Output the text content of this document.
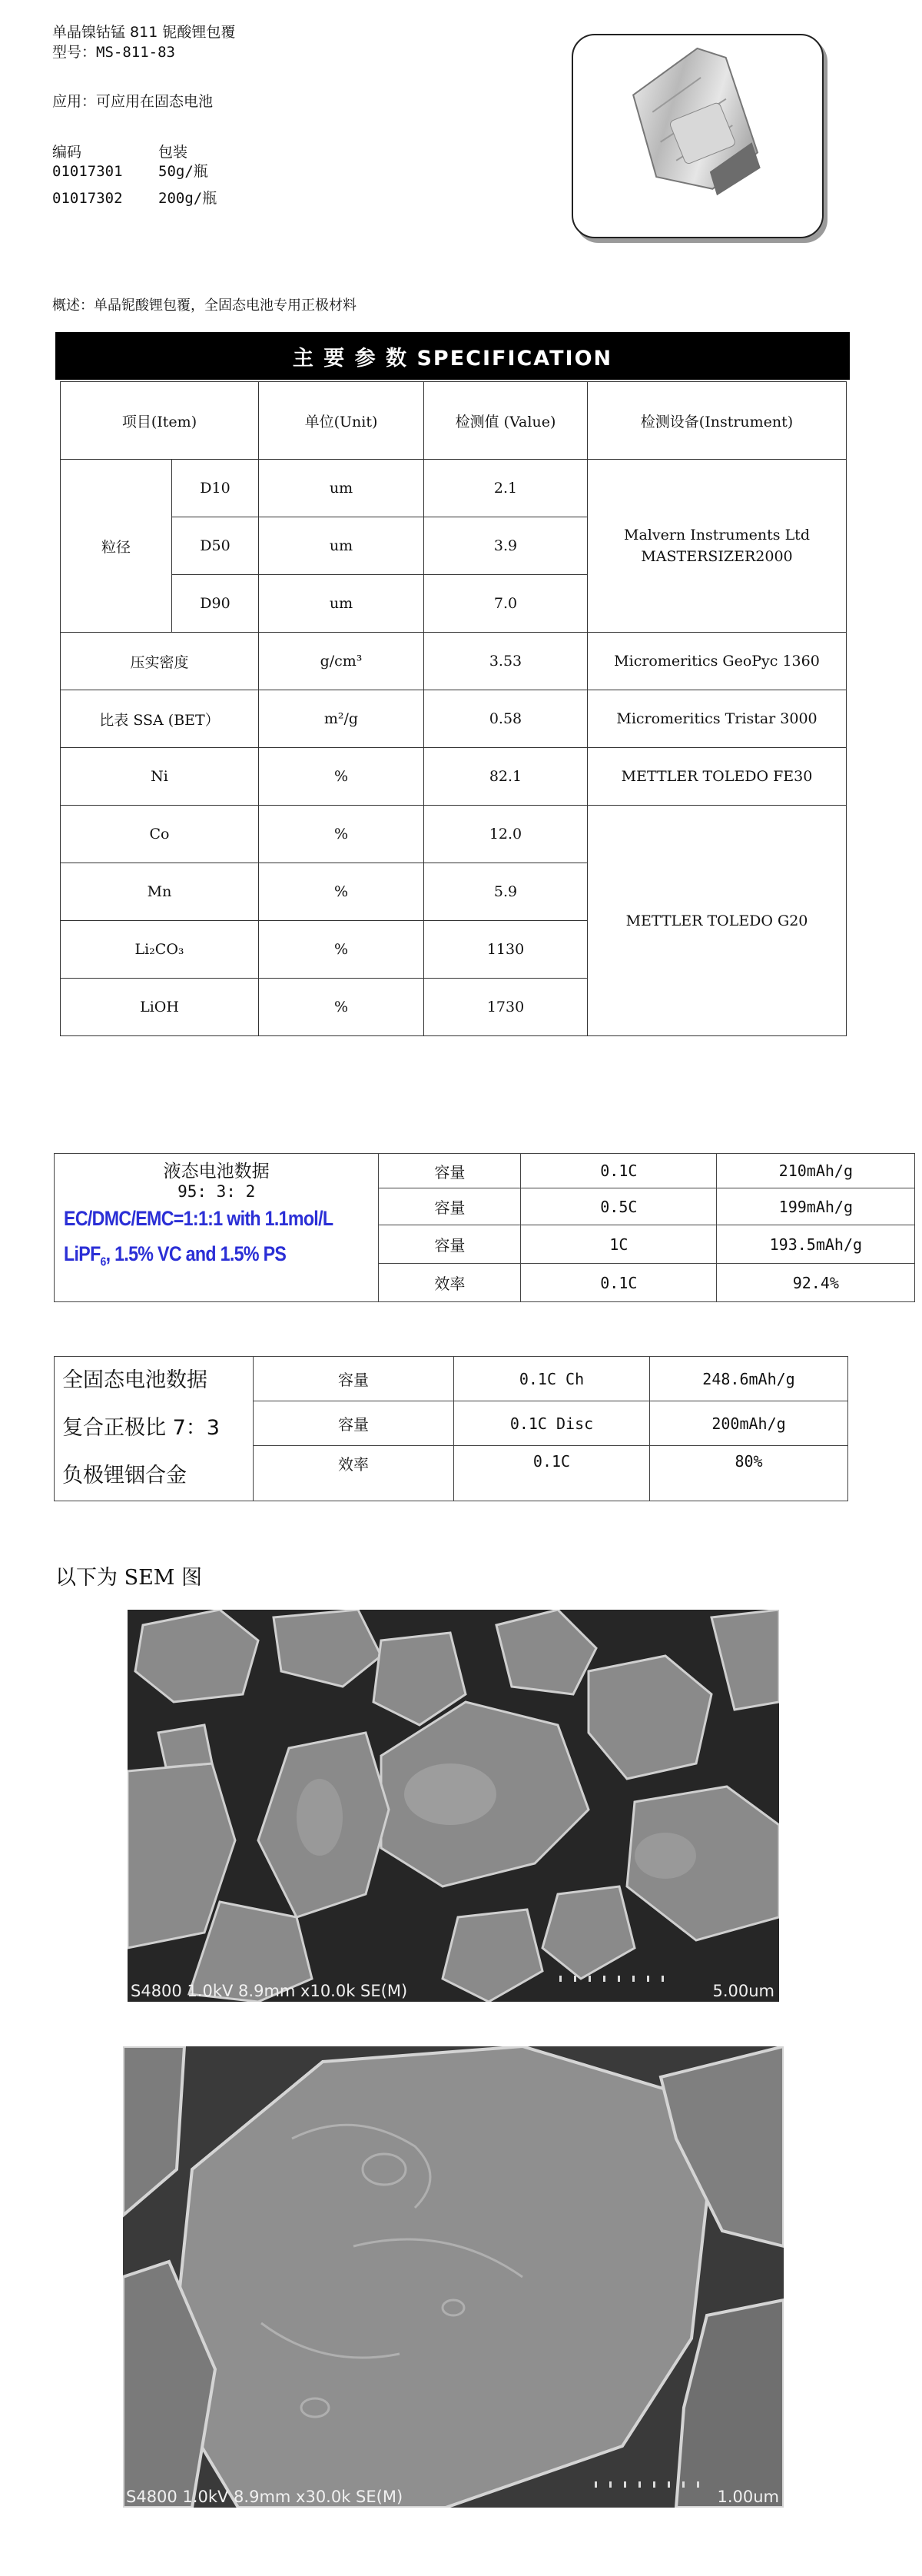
单晶镍钴锰 811 铌酸锂包覆
型号：MS-811-83
应用：可应用在固态电池
编码	包装
01017301 50g/瓶
01017302 200g/瓶
概述：单晶铌酸锂包覆，全固态电池专用正极材料
主 要 参 数 SPECIFICATION
项目(Item)		单位(Unit)	检测值 (Value)	检测设备(Instrument)
粒径	D10	um	2.1	Malvern Instruments Ltd
MASTERSIZER2000

	D50	um	3.9	
	D90	um	7.0	
压实密度		g/cm³	3.53	Micromeritics GeoPyc 1360
比表 SSA (BET）		m²/g	0.58	Micromeritics Tristar 3000
Ni		%	82.1	METTLER TOLEDO FE30
Co		%	12.0	METTLER TOLEDO G20
Mn		%	5.9	
Li₂CO₃		%	1130	
LiOH		%	1730	
液态电池数据
95: 3: 2
EC/DMC/EMC=1:1:1 with 1.1mol/L
LiPF$_6$, 1.5% VC and 1.5% PS	容量	0.1C	210mAh/g
	容量	0.5C	199mAh/g
	容量	1C	193.5mAh/g
	效率	0.1C	92.4%
全固态电池数据
复合正极比 7：3
负极锂铟合金	容量	0.1C Ch	248.6mAh/g
	容量	0.1C Disc	200mAh/g
	效率	0.1C	80%
以下为 SEM 图
S4800 1.0kV 8.9mm x10.0k SE(M)	5.00um
S4800 1.0kV 8.9mm x30.0k SE(M)	1.00um
